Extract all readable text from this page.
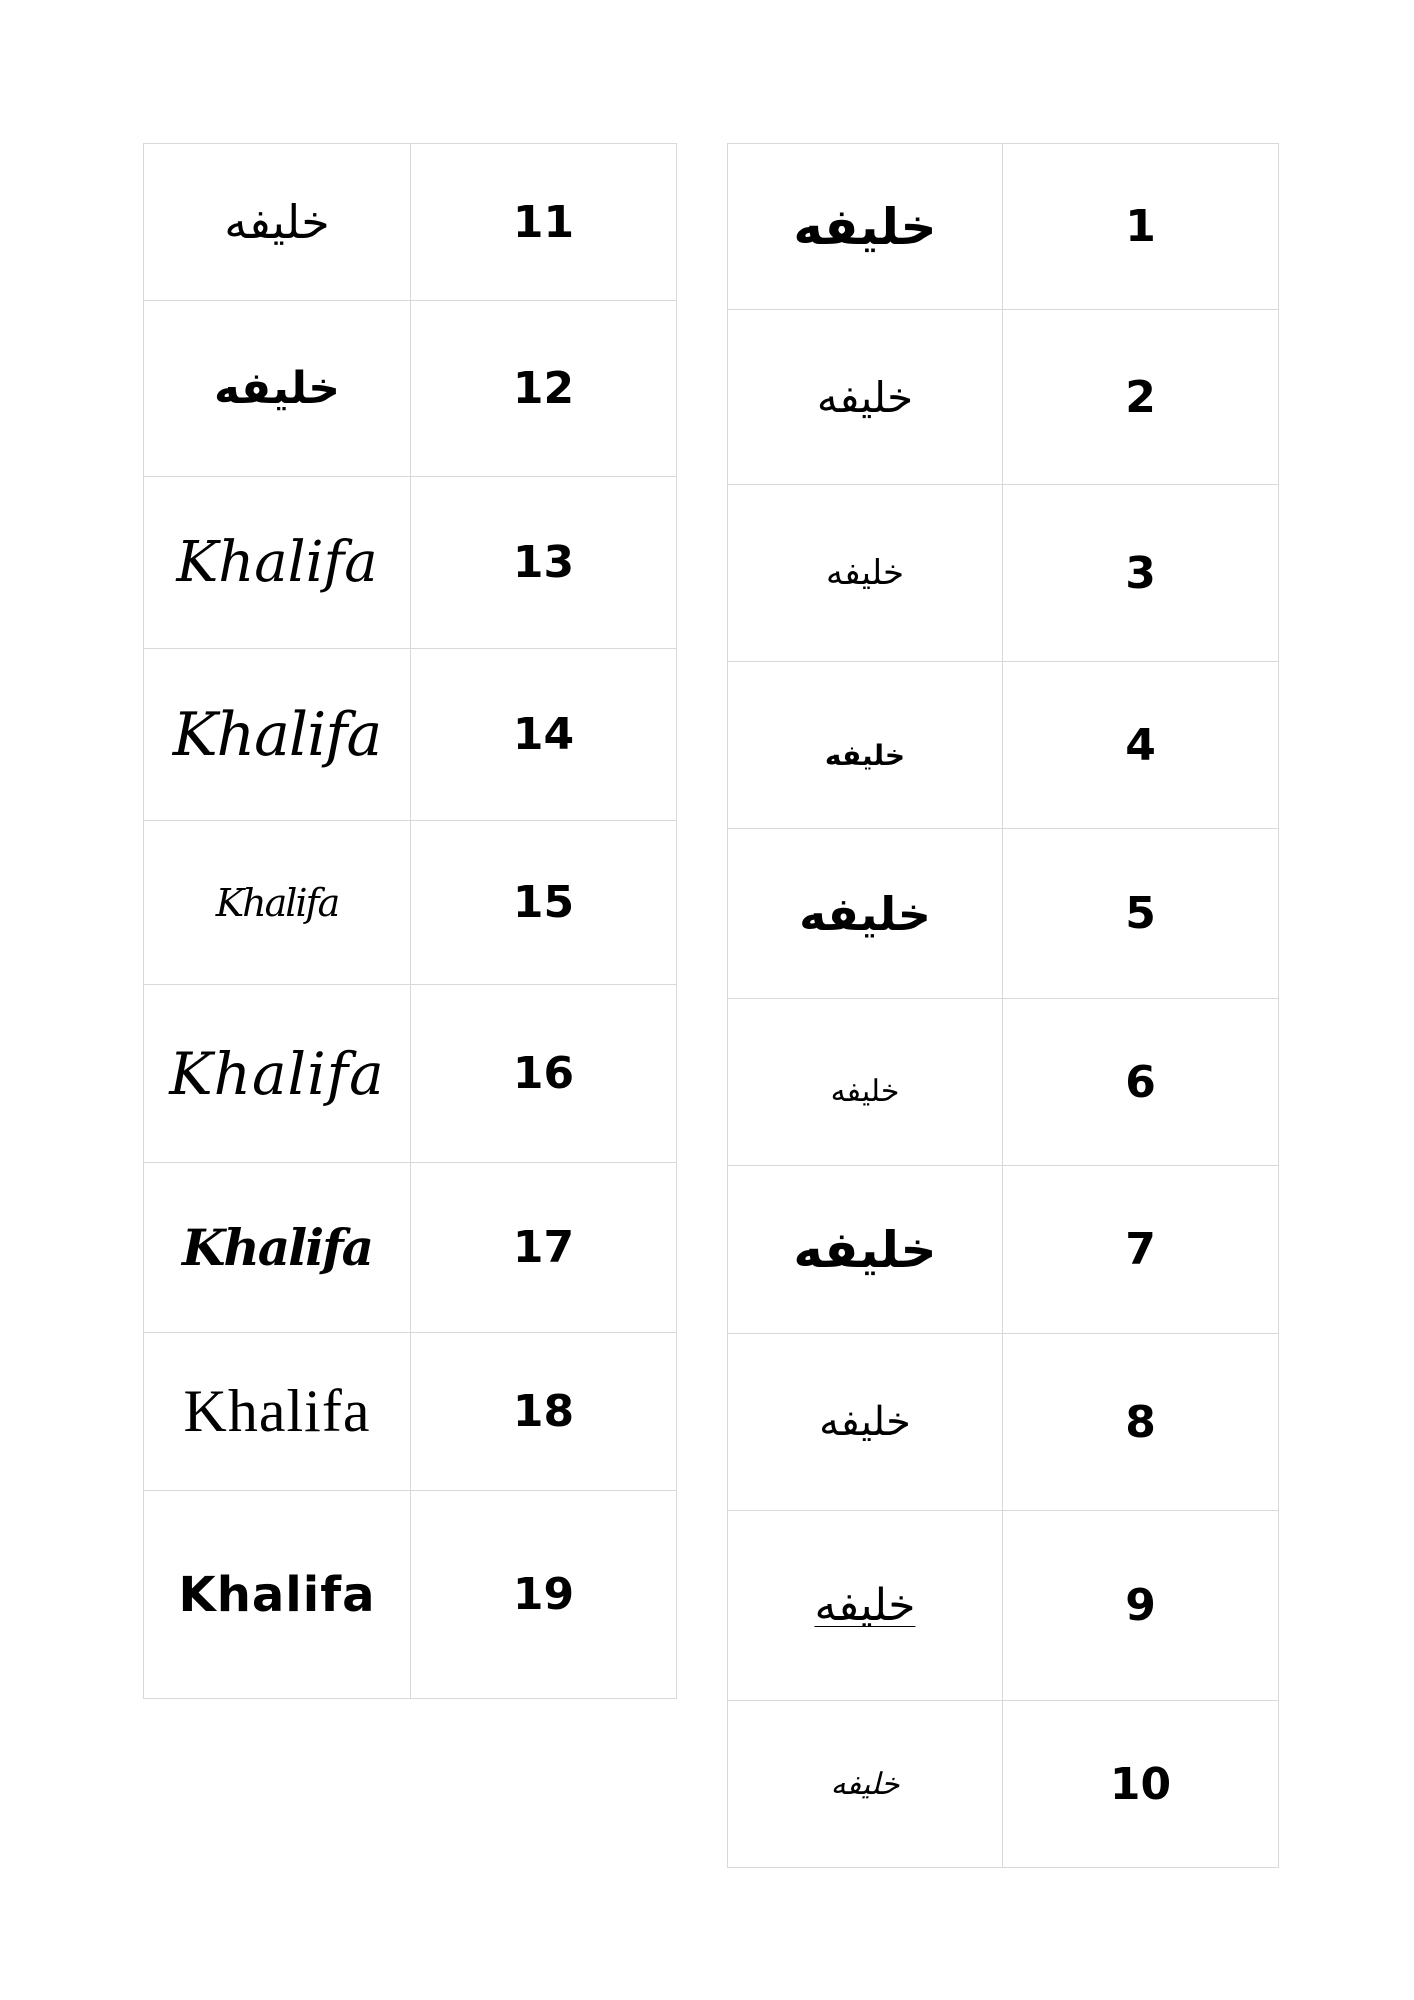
خليفه	11
خليفه	12
Khalifa	13
Khalifa	14
Khalifa	15
Khalifa	16
Khalifa	17
Khalifa	18
Khalifa	19
خليفه	1
خليفه	2
خليفه	3
خليفه	4
خليفه	5
خليفه	6
خليفه	7
خليفه	8
خليفه	9
خليفه	10
